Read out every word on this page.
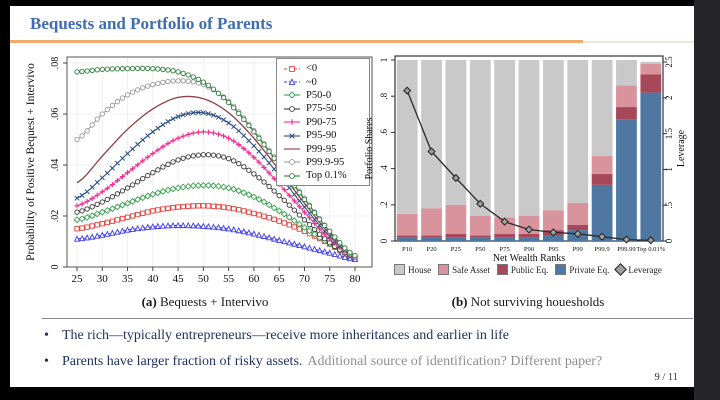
Bequests and Portfolio of Parents
25 30 35 40 45 50 55 60 65 70 75 80
0
.02
.04
.06
.08
Probability of Positive Bequest + Intervivo	<0
~0
P50-0
P75-50
P90-75
P95-90
P99-95
P99.9-95
Top 0.1%
P10 P20 P25 P50 P75 P90 P95 P99 P99.9 P99.99 Top 0.01%
0
.2
.4
.6
.8
1
0
.5
1
1.5
2
2.5
Porfolio Shares	Leverage
Net Wealth Ranks
House Safe Asset Public Eq. Private Eq. Leverage
(a) Bequests + Intervivo	(b) Not surviving houesholds
• The rich—typically entrepreneurs—receive more inheritances and earlier in life
• Parents have larger fraction of risky assets. Additional source of identification? Different paper?
9 / 11
